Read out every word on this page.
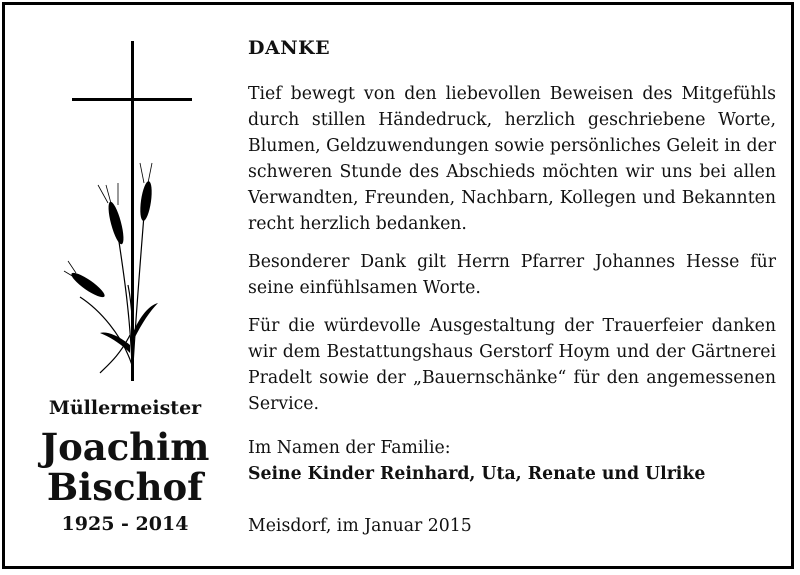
Müllermeister
Joachim
Bischof
1925 - 2014
DANKE

Tief bewegt von den liebevollen Beweisen des Mitgefühls durch stillen Händedruck, herzlich geschriebene Worte, Blumen, Geldzuwendungen sowie persönliches Geleit in der schweren Stunde des Abschieds möchten wir uns bei allen Verwandten, Freunden, Nachbarn, Kollegen und Bekannten recht herzlich bedanken.

Besonderer Dank gilt Herrn Pfarrer Johannes Hesse für seine einfühlsamen Worte.

Für die würdevolle Ausgestaltung der Trauerfeier danken wir dem Bestattungshaus Gerstorf Hoym und der Gärtnerei Pradelt sowie der „Bauernschänke“ für den angemessenen Service.

Im Namen der Familie:

Seine Kinder Reinhard, Uta, Renate und Ulrike

Meisdorf, im Januar 2015
